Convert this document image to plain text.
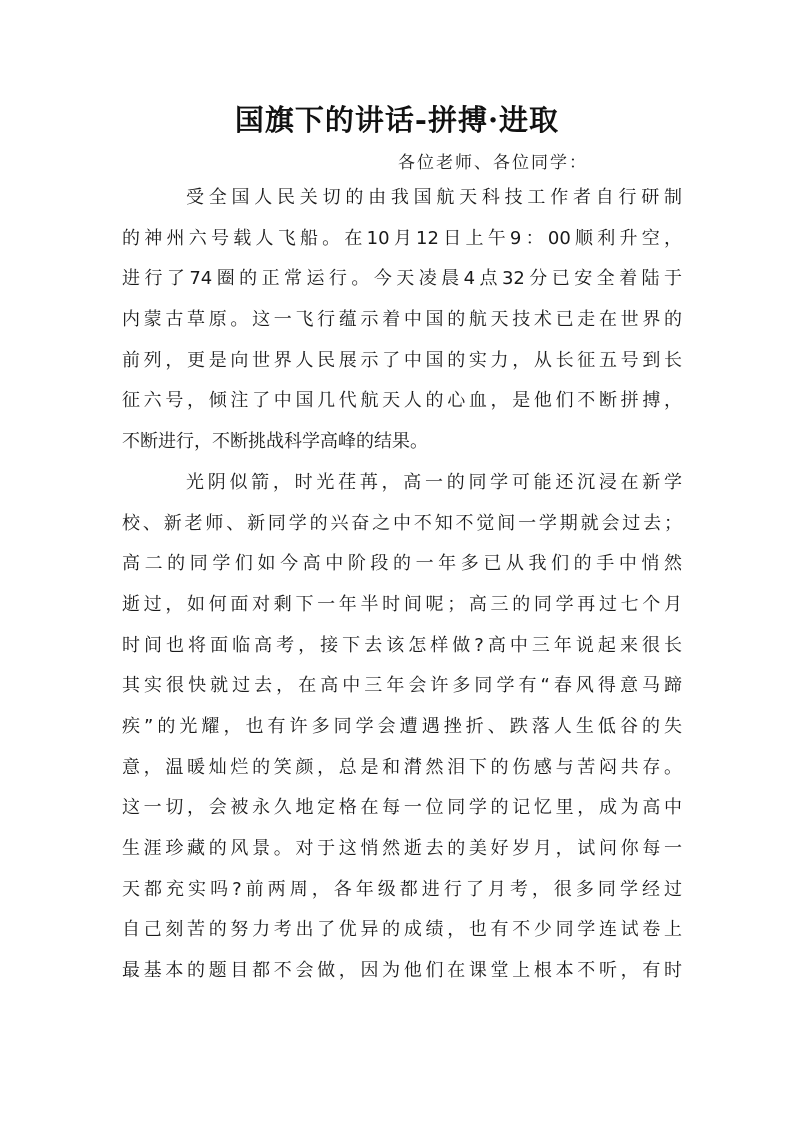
国旗下的讲话-拼搏·进取
各位老师、各位同学：
受全国人民关切的由我国航天科技工作者自行研制
的神州六号载人飞船。在10月12日上午9：00顺利升空，
进行了74圈的正常运行。今天凌晨4点32分已安全着陆于
内蒙古草原。这一飞行蕴示着中国的航天技术已走在世界的
前列，更是向世界人民展示了中国的实力，从长征五号到长
征六号，倾注了中国几代航天人的心血，是他们不断拼搏，
不断进行，不断挑战科学高峰的结果。
光阴似箭，时光荏苒，高一的同学可能还沉浸在新学
校、新老师、新同学的兴奋之中不知不觉间一学期就会过去；
高二的同学们如今高中阶段的一年多已从我们的手中悄然
逝过，如何面对剩下一年半时间呢；高三的同学再过七个月
时间也将面临高考，接下去该怎样做?高中三年说起来很长
其实很快就过去，在高中三年会许多同学有“春风得意马蹄
疾”的光耀，也有许多同学会遭遇挫折、跌落人生低谷的失
意，温暖灿烂的笑颜，总是和潸然泪下的伤感与苦闷共存。
这一切，会被永久地定格在每一位同学的记忆里，成为高中
生涯珍藏的风景。对于这悄然逝去的美好岁月，试问你每一
天都充实吗?前两周，各年级都进行了月考，很多同学经过
自己刻苦的努力考出了优异的成绩，也有不少同学连试卷上
最基本的题目都不会做，因为他们在课堂上根本不听，有时
